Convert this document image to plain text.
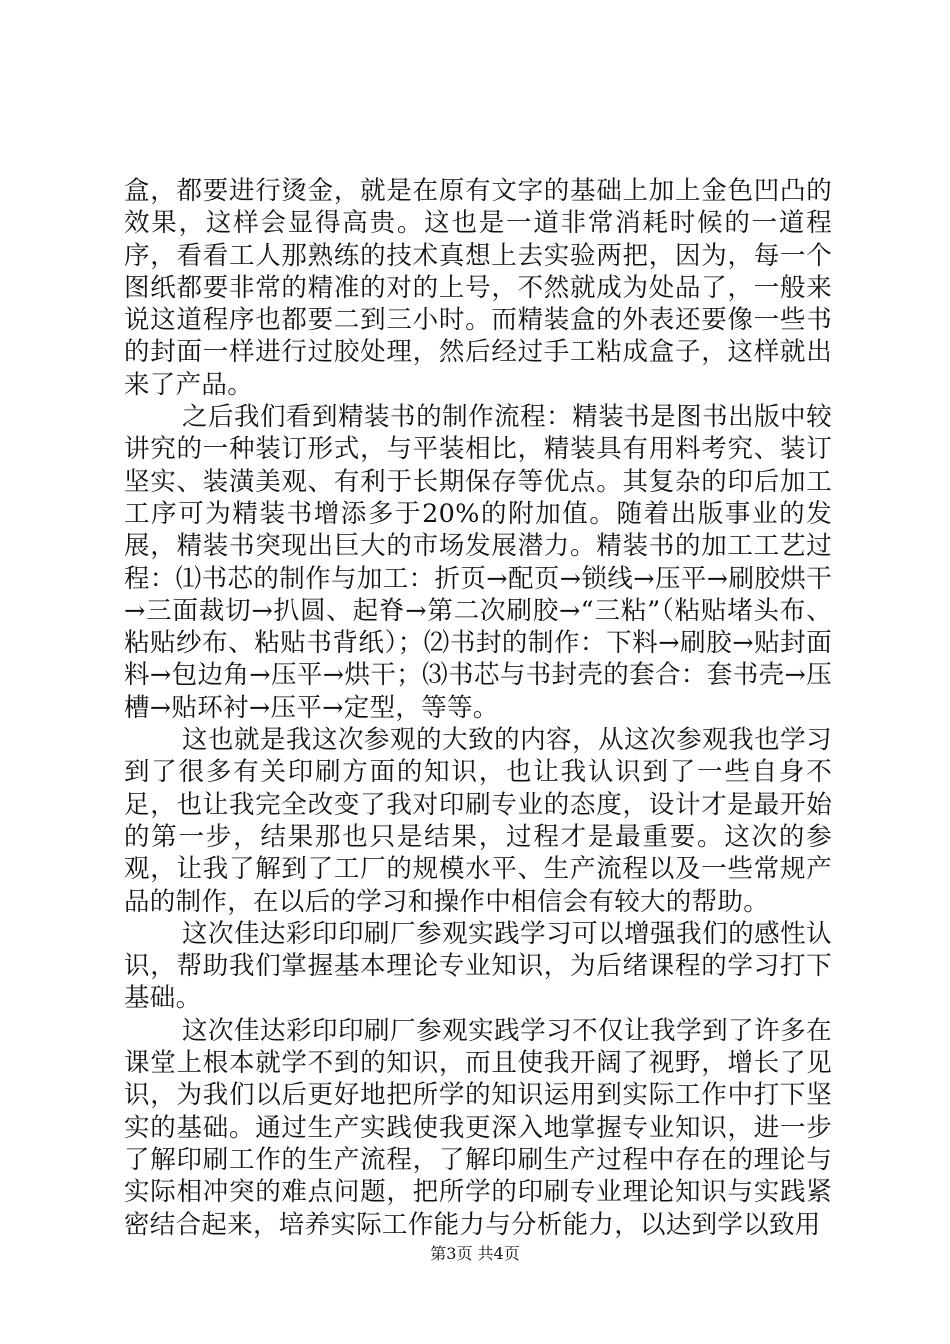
盒，都要进行烫金，就是在原有文字的基础上加上金色凹凸的效果，这样会显得高贵。这也是一道非常消耗时候的一道程序，看看工人那熟练的技术真想上去实验两把，因为，每一个图纸都要非常的精准的对的上号，不然就成为处品了，一般来说这道程序也都要二到三小时。而精装盒的外表还要像一些书的封面一样进行过胶处理，然后经过手工粘成盒子，这样就出来了产品。

之后我们看到精装书的制作流程：精装书是图书出版中较讲究的一种装订形式，与平装相比，精装具有用料考究、装订坚实、装潢美观、有利于长期保存等优点。其复杂的印后加工工序可为精装书增添多于20%的附加值。随着出版事业的发展，精装书突现出巨大的市场发展潜力。精装书的加工工艺过程：⑴书芯的制作与加工：折页→配页→锁线→压平→刷胶烘干→三面裁切→扒圆、起脊→第二次刷胶→“三粘”（粘贴堵头布、粘贴纱布、粘贴书背纸）；⑵书封的制作：下料→刷胶→贴封面料→包边角→压平→烘干；⑶书芯与书封壳的套合：套书壳→压槽→贴环衬→压平→定型，等等。

这也就是我这次参观的大致的内容，从这次参观我也学习到了很多有关印刷方面的知识，也让我认识到了一些自身不足，也让我完全改变了我对印刷专业的态度，设计才是最开始的第一步，结果那也只是结果，过程才是最重要。这次的参观，让我了解到了工厂的规模水平、生产流程以及一些常规产品的制作，在以后的学习和操作中相信会有较大的帮助。

这次佳达彩印印刷厂参观实践学习可以增强我们的感性认识，帮助我们掌握基本理论专业知识，为后绪课程的学习打下基础。

这次佳达彩印印刷厂参观实践学习不仅让我学到了许多在课堂上根本就学不到的知识，而且使我开阔了视野，增长了见识，为我们以后更好地把所学的知识运用到实际工作中打下坚实的基础。通过生产实践使我更深入地掌握专业知识，进一步了解印刷工作的生产流程，了解印刷生产过程中存在的理论与实际相冲突的难点问题，把所学的印刷专业理论知识与实践紧密结合起来，培养实际工作能力与分析能力，以达到学以致用

第3页 共4页
